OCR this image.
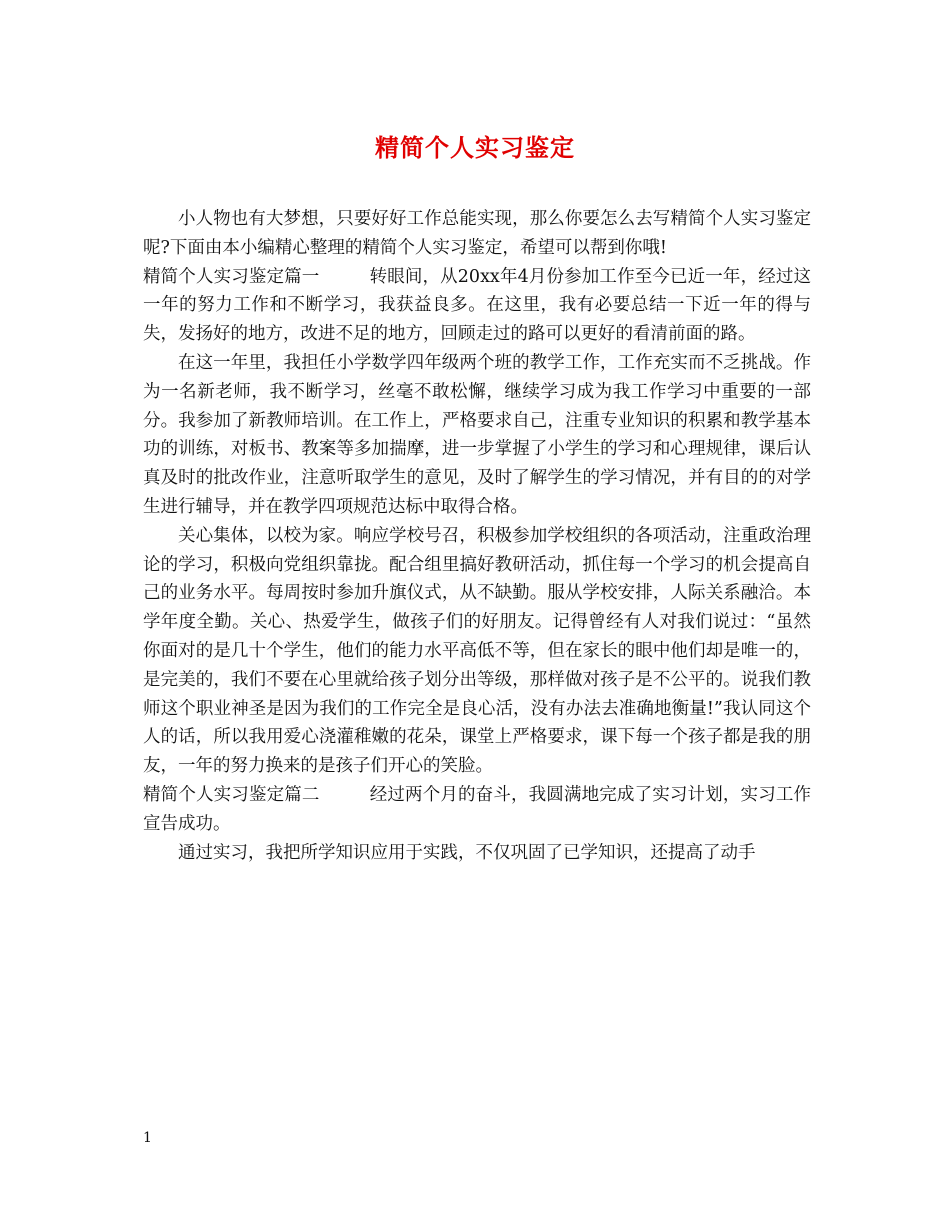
精简个人实习鉴定

小人物也有大梦想，只要好好工作总能实现，那么你要怎么去写精简个人实习鉴定呢?下面由本小编精心整理的精简个人实习鉴定，希望可以帮到你哦!

精简个人实习鉴定篇一	转眼间，从20xx年4月份参加工作至今已近一年，经过这一年的努力工作和不断学习，我获益良多。在这里，我有必要总结一下近一年的得与失，发扬好的地方，改进不足的地方，回顾走过的路可以更好的看清前面的路。

在这一年里，我担任小学数学四年级两个班的教学工作，工作充实而不乏挑战。作为一名新老师，我不断学习，丝毫不敢松懈，继续学习成为我工作学习中重要的一部分。我参加了新教师培训。在工作上，严格要求自己，注重专业知识的积累和教学基本功的训练，对板书、教案等多加揣摩，进一步掌握了小学生的学习和心理规律，课后认真及时的批改作业，注意听取学生的意见，及时了解学生的学习情况，并有目的的对学生进行辅导，并在教学四项规范达标中取得合格。

关心集体，以校为家。响应学校号召，积极参加学校组织的各项活动，注重政治理论的学习，积极向党组织靠拢。配合组里搞好教研活动，抓住每一个学习的机会提高自己的业务水平。每周按时参加升旗仪式，从不缺勤。服从学校安排，人际关系融洽。本学年度全勤。关心、热爱学生，做孩子们的好朋友。记得曾经有人对我们说过：“虽然你面对的是几十个学生，他们的能力水平高低不等，但在家长的眼中他们却是唯一的，是完美的，我们不要在心里就给孩子划分出等级，那样做对孩子是不公平的。说我们教师这个职业神圣是因为我们的工作完全是良心活，没有办法去准确地衡量!”我认同这个人的话，所以我用爱心浇灌稚嫩的花朵，课堂上严格要求，课下每一个孩子都是我的朋友，一年的努力换来的是孩子们开心的笑脸。

精简个人实习鉴定篇二	经过两个月的奋斗，我圆满地完成了实习计划，实习工作宣告成功。

通过实习，我把所学知识应用于实践，不仅巩固了已学知识，还提高了动手

1
